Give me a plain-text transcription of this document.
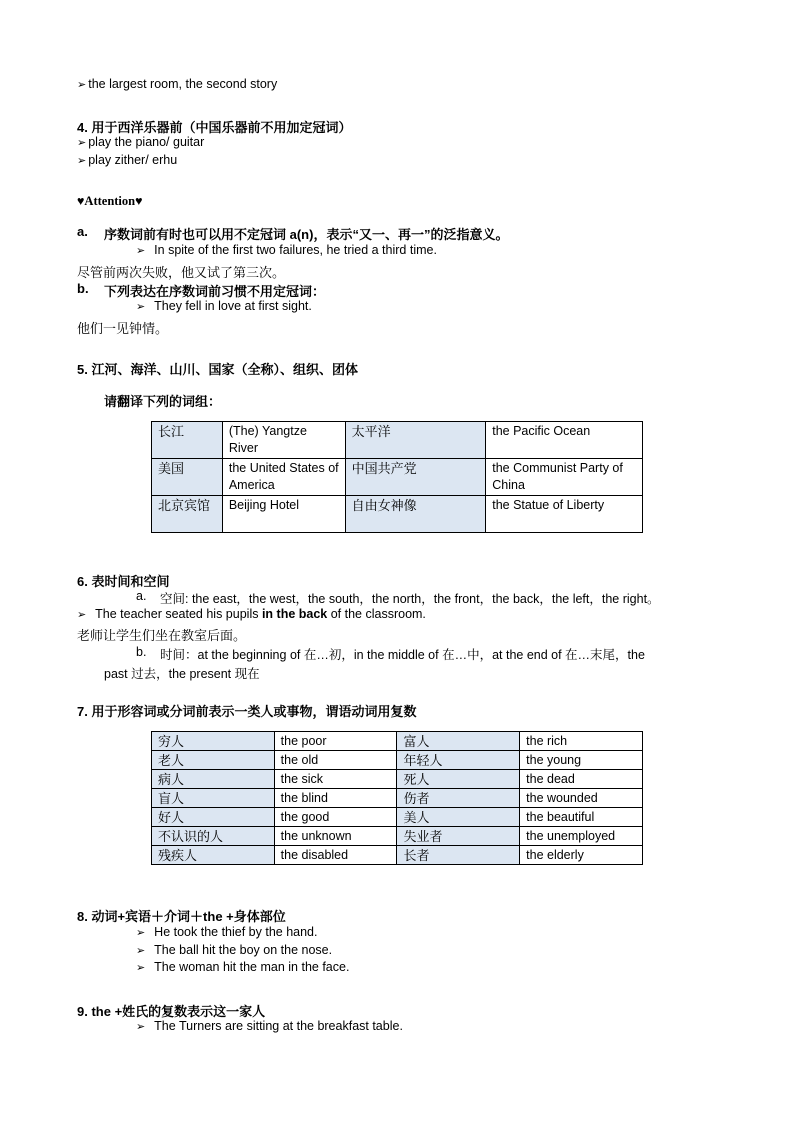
➢ the largest room, the second story
4. 用于西洋乐器前（中国乐器前不用加定冠词）
➢ play the piano/ guitar
➢ play zither/ erhu
♥Attention♥
a. 序数词前有时也可以用不定冠词 a(n)，表示“又一、再一”的泛指意义。
➢ In spite of the first two failures, he tried a third time.
尽管前两次失败，他又试了第三次。
b. 下列表达在序数词前习惯不用定冠词：
➢ They fell in love at first sight.
他们一见钟情。
5. 江河、海洋、山川、国家（全称）、组织、团体
请翻译下列的词组：
长江	(The) Yangtze River	太平洋	the Pacific Ocean
美国	the United States of America	中国共产党	the Communist Party of China
北京宾馆	Beijing Hotel	自由女神像	the Statue of Liberty
6. 表时间和空间
a. 空间: the east，the west，the south，the north，the front，the back，the left，the right。
➢ The teacher seated his pupils in the back of the classroom.
老师让学生们坐在教室后面。
b. 时间：at the beginning of 在…初，in the middle of 在…中，at the end of 在…末尾，the
past 过去，the present 现在
7. 用于形容词或分词前表示一类人或事物，谓语动词用复数
穷人	the poor	富人	the rich
老人	the old	年轻人	the young
病人	the sick	死人	the dead
盲人	the blind	伤者	the wounded
好人	the good	美人	the beautiful
不认识的人	the unknown	失业者	the unemployed
残疾人	the disabled	长者	the elderly
8. 动词+宾语＋介词＋the +身体部位
➢ He took the thief by the hand.
➢ The ball hit the boy on the nose.
➢ The woman hit the man in the face.
9. the +姓氏的复数表示这一家人
➢ The Turners are sitting at the breakfast table.
